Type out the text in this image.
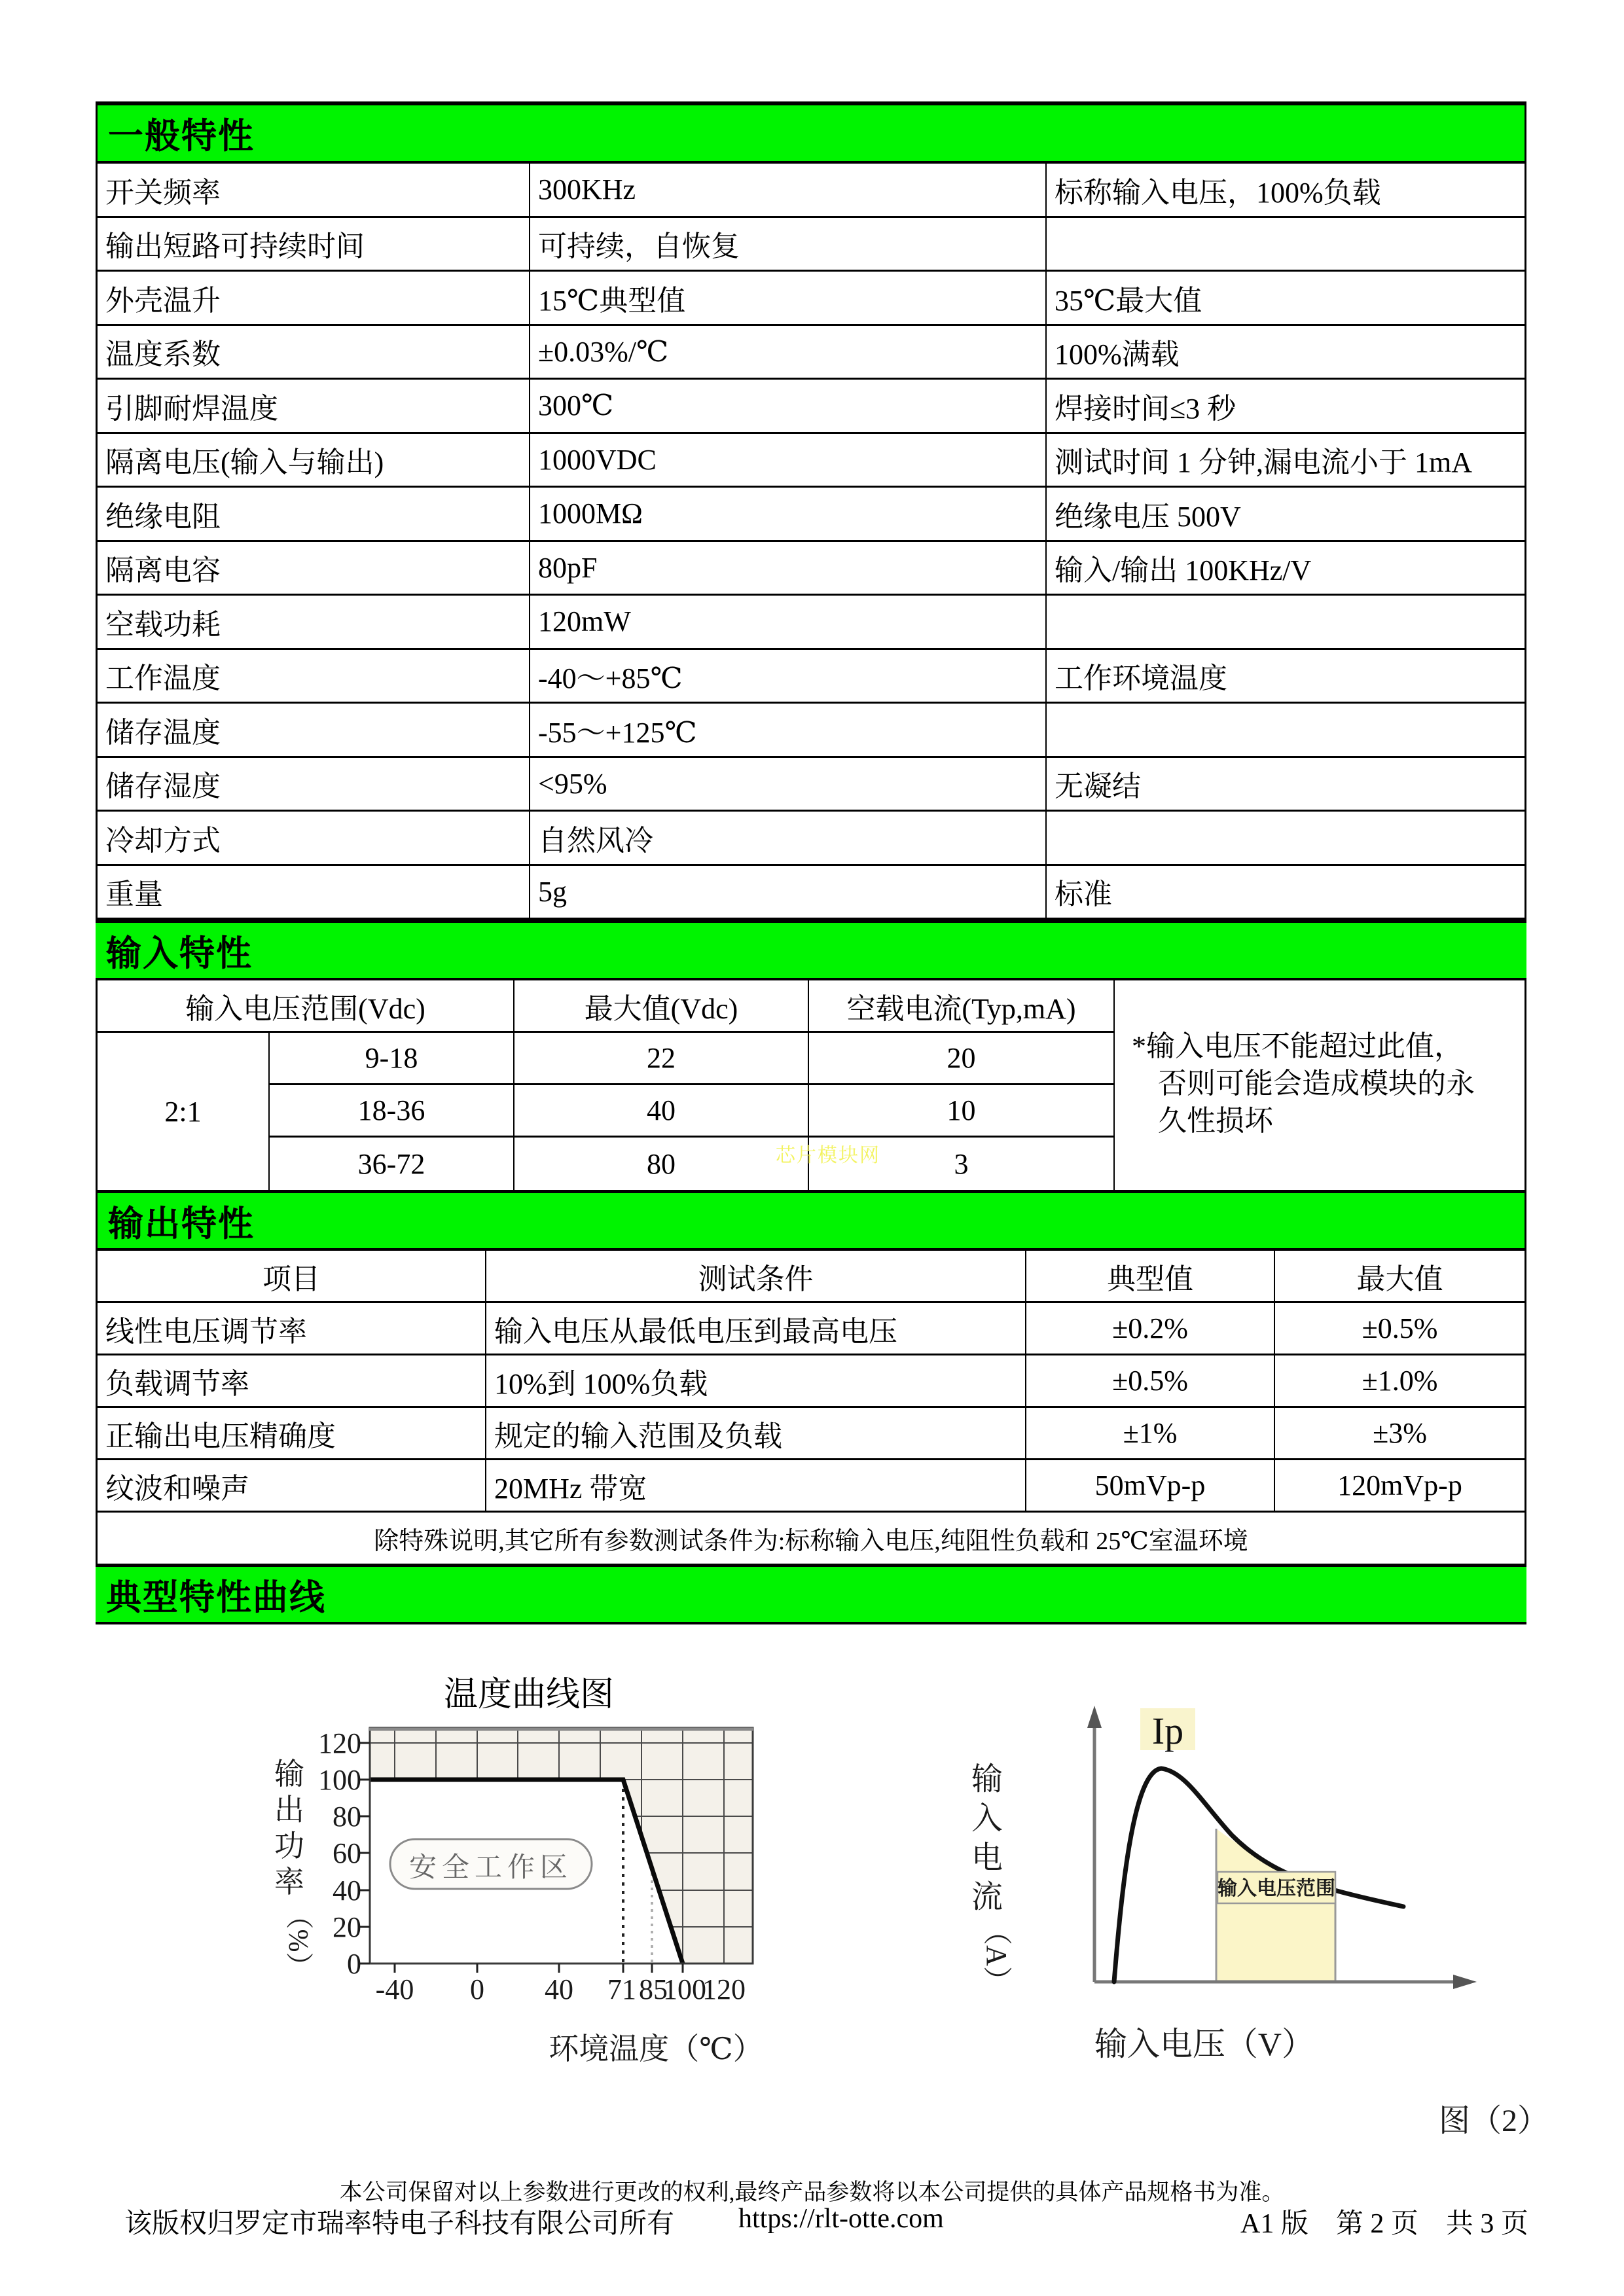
一般特性
开关频率	300KHz	标称输入电压，100%负载
输出短路可持续时间	可持续，自恢复
外壳温升	15℃典型值	35℃最大值
温度系数	±0.03%/℃	100%满载
引脚耐焊温度	300℃	焊接时间≤3 秒
隔离电压(输入与输出)	1000VDC	测试时间 1 分钟,漏电流小于 1mA
绝缘电阻	1000MΩ	绝缘电压 500V
隔离电容	80pF	输入/输出 100KHz/V
空载功耗	120mW
工作温度	-40～+85℃	工作环境温度
储存温度	-55～+125℃
储存湿度	<95%	无凝结
冷却方式	自然风冷
重量	5g	标准
输入特性
输入电压范围(Vdc)	最大值(Vdc)	空载电流(Typ,mA)
2:1
9-18	22	20
18-36	40	10
36-72	80	3
*输入电压不能超过此值，
否则可能会造成模块的永
久性损坏
输出特性
项目	测试条件	典型值	最大值
线性电压调节率	输入电压从最低电压到最高电压	±0.2%	±0.5%
负载调节率	10%到 100%负载	±0.5%	±1.0%
正输出电压精确度	规定的输入范围及负载	±1%	±3%
纹波和噪声	20MHz 带宽	50mVp-p	120mVp-p
除特殊说明,其它所有参数测试条件为:标称输入电压,纯阻性负载和 25℃室温环境
典型特性曲线
温度曲线图
安全工作区
0
20
40
60
80
100
120
-40 0 40 71 85
100
120
输
出
功
率
（%）
环境温度（℃）
Ip
输入电压范围
输
入
电
流
（A）
输入电压（V）
图（2）
芯片模块网
本公司保留对以上参数进行更改的权利,最终产品参数将以本公司提供的具体产品规格书为准。
该版权归罗定市瑞率特电子科技有限公司所有 https://rlt-otte.com	A1 版　第 2 页　共 3 页
